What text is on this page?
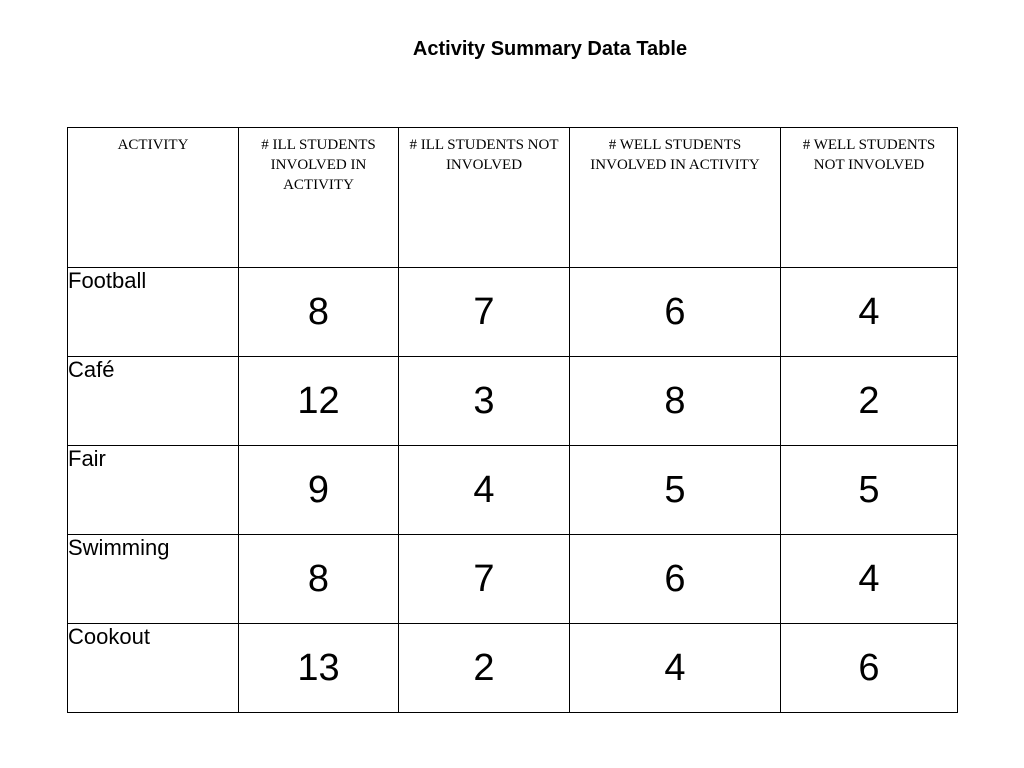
Activity Summary Data Table
ACTIVITY	# ILL STUDENTS INVOLVED IN ACTIVITY	# ILL STUDENTS NOT INVOLVED	# WELL STUDENTS INVOLVED IN ACTIVITY	# WELL STUDENTS NOT INVOLVED
Football	8	7	6	4
Café	12	3	8	2
Fair	9	4	5	5
Swimming	8	7	6	4
Cookout	13	2	4	6
